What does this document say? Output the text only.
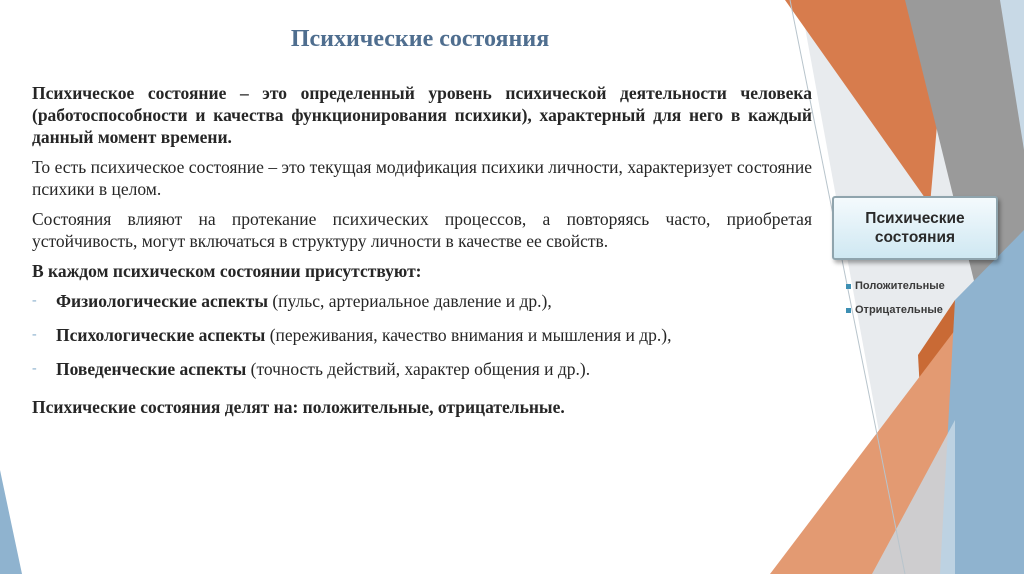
Психические состояния

Психическое состояние – это определенный уровень психической деятельности человека (работоспособности и качества функционирования психики), характерный для него в каждый данный момент времени.

То есть психическое состояние – это текущая модификация психики личности, характеризует состояние психики в целом.

Состояния влияют на протекание психических процессов, а повторяясь часто, приобретая устойчивость, могут включаться в структуру личности в качестве ее свойств.

В каждом психическом состоянии присутствуют:

-	Физиологические аспекты (пульс, артериальное давление и др.),
-	Психологические аспекты (переживания, качество внимания и мышления и др.),
-	Поведенческие аспекты (точность действий, характер общения и др.).

Психические состояния делят на: положительные, отрицательные.

Психические
состояния
Положительные
Отрицательные
